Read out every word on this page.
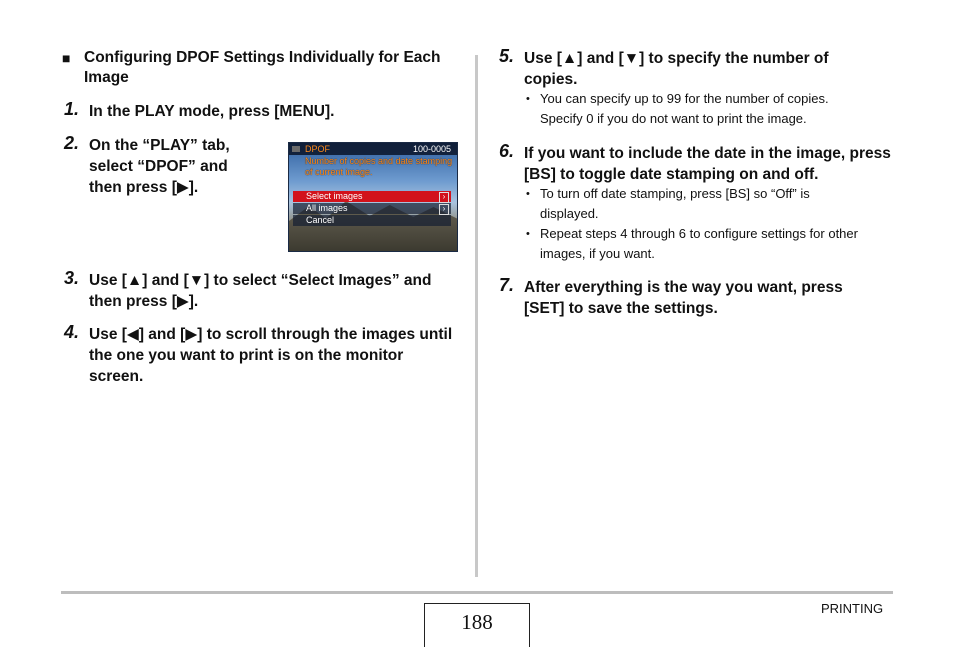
■ Configuring DPOF Settings Individually for Each Image
1. In the PLAY mode, press [MENU].
2. On the “PLAY” tab, select “DPOF” and then press [▶].
DPOF	100-0005
Number of copies and date stamping of current image.
Select images	›
All images	›
Cancel
3. Use [▲] and [▼] to select “Select Images” and then press [▶].
4. Use [◀] and [▶] to scroll through the images until the one you want to print is on the monitor screen.
5. Use [▲] and [▼] to specify the number of copies.
• You can specify up to 99 for the number of copies. Specify 0 if you do not want to print the image.
6. If you want to include the date in the image, press [BS] to toggle date stamping on and off.
• To turn off date stamping, press [BS] so “Off” is displayed.
• Repeat steps 4 through 6 to configure settings for other images, if you want.
7. After everything is the way you want, press [SET] to save the settings.
188
PRINTING
